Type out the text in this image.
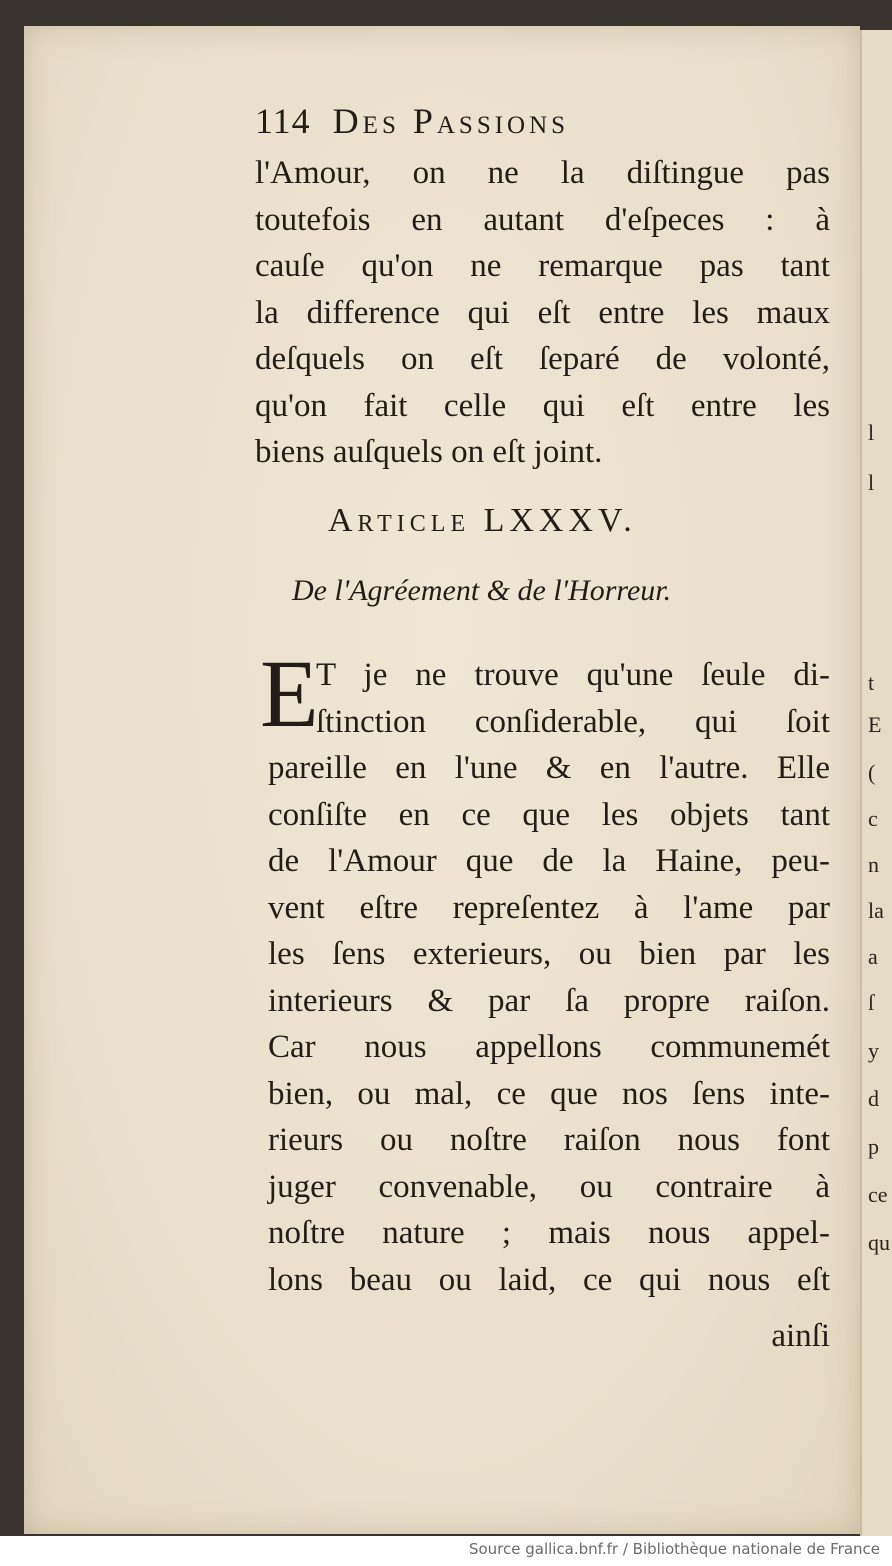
l
l
t
E
(
c
n
la
a
ſ
y
d
p
ce
qu
114 Des Passions
l'Amour, on ne la diſtingue pas
toutefois en autant d'eſpeces : à
cauſe qu'on ne remarque pas tant
la difference qui eſt entre les maux
deſquels on eſt ſeparé de volonté,
qu'on fait celle qui eſt entre les
biens auſquels on eſt joint.
Article LXXXV.
De l'Agréement & de l'Horreur.
E
T je ne trouve qu'une ſeule di-
ſtinction conſiderable, qui ſoit
pareille en l'une & en l'autre. Elle
conſiſte en ce que les objets tant
de l'Amour que de la Haine, peu-
vent eſtre repreſentez à l'ame par
les ſens exterieurs, ou bien par les
interieurs & par ſa propre raiſon.
Car nous appellons communemét
bien, ou mal, ce que nos ſens inte-
rieurs ou noſtre raiſon nous font
juger convenable, ou contraire à
noſtre nature ; mais nous appel-
lons beau ou laid, ce qui nous eſt
ainſi
Source gallica.bnf.fr / Bibliothèque nationale de France
